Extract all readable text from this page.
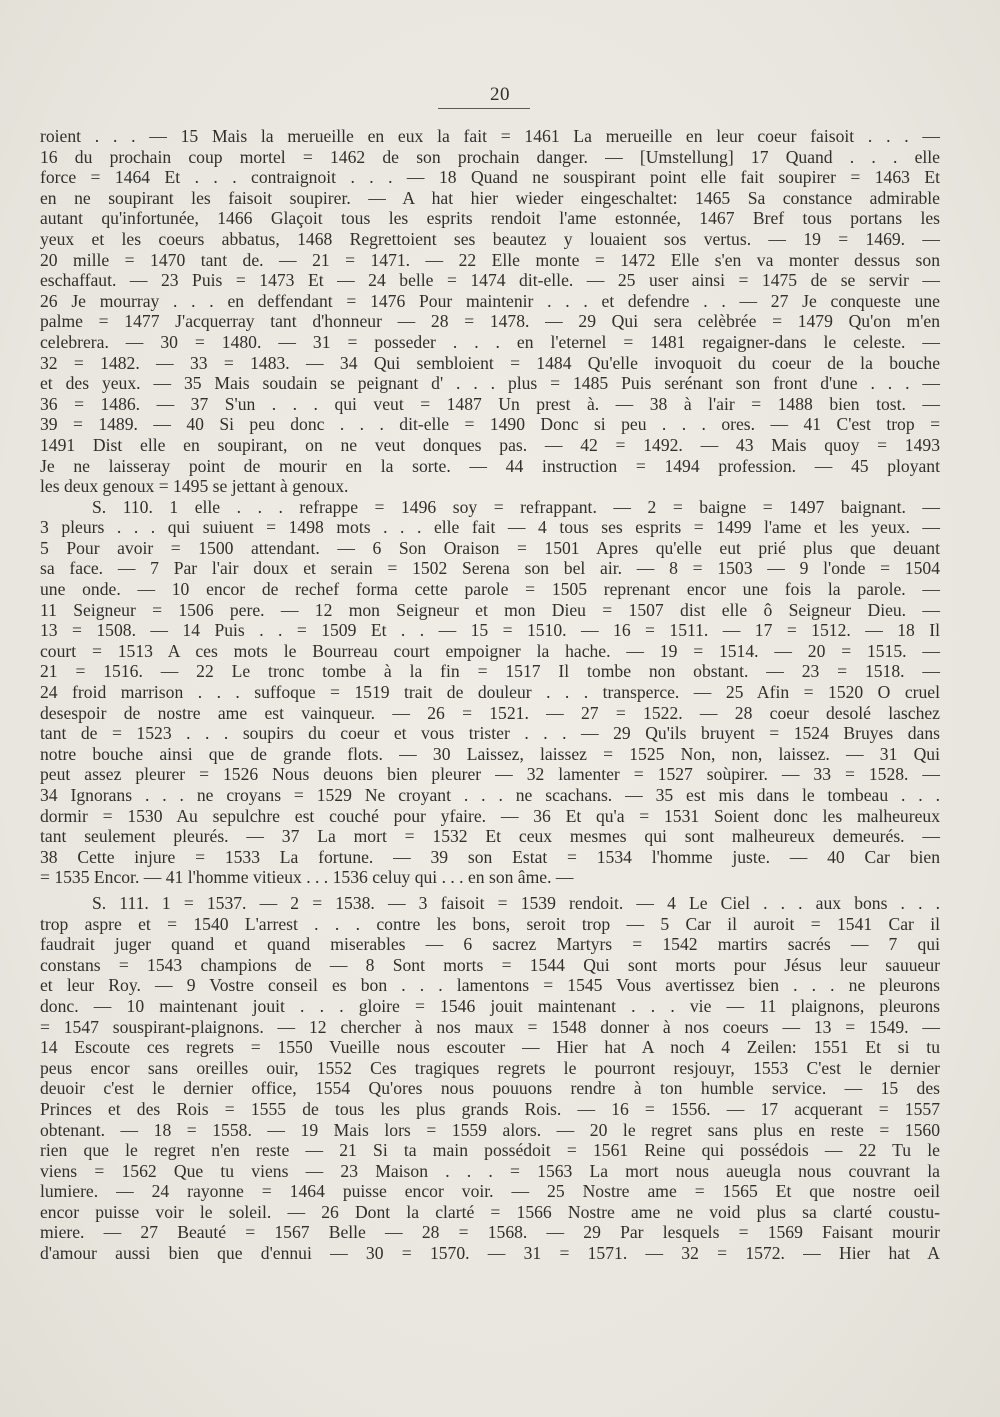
20
roient . . . — 15 Mais la merueille en eux la fait = 1461 La merueille en leur coeur faisoit . . . —
16 du prochain coup mortel = 1462 de son prochain danger. — [Umstellung] 17 Quand . . . elle
force = 1464 Et . . . contraignoit . . . — 18 Quand ne souspirant point elle fait soupirer = 1463 Et
en ne soupirant les faisoit soupirer. — A hat hier wieder eingeschaltet: 1465 Sa constance admirable
autant qu'infortunée, 1466 Glaçoit tous les esprits rendoit l'ame estonnée, 1467 Bref tous portans les
yeux et les coeurs abbatus, 1468 Regrettoient ses beautez y louaient sos vertus. — 19 = 1469. —
20 mille = 1470 tant de. — 21 = 1471. — 22 Elle monte = 1472 Elle s'en va monter dessus son
eschaffaut. — 23 Puis = 1473 Et — 24 belle = 1474 dit-elle. — 25 user ainsi = 1475 de se servir —
26 Je mourray . . . en deffendant = 1476 Pour maintenir . . . et defendre . . — 27 Je conqueste une
palme = 1477 J'acquerray tant d'honneur — 28 = 1478. — 29 Qui sera celèbrée = 1479 Qu'on m'en
celebrera. — 30 = 1480. — 31 = posseder . . . en l'eternel = 1481 regaigner-dans le celeste. —
32 = 1482. — 33 = 1483. — 34 Qui sembloient = 1484 Qu'elle invoquoit du coeur de la bouche
et des yeux. — 35 Mais soudain se peignant d' . . . plus = 1485 Puis serénant son front d'une . . . —
36 = 1486. — 37 S'un . . . qui veut = 1487 Un prest à. — 38 à l'air = 1488 bien tost. —
39 = 1489. — 40 Si peu donc . . . dit-elle = 1490 Donc si peu . . . ores. — 41 C'est trop =
1491 Dist elle en soupirant, on ne veut donques pas. — 42 = 1492. — 43 Mais quoy = 1493
Je ne laisseray point de mourir en la sorte. — 44 instruction = 1494 profession. — 45 ployant
les deux genoux = 1495 se jettant à genoux.
S. 110. 1 elle . . . refrappe = 1496 soy = refrappant. — 2 = baigne = 1497 baignant. —
3 pleurs . . . qui suiuent = 1498 mots . . . elle fait — 4 tous ses esprits = 1499 l'ame et les yeux. —
5 Pour avoir = 1500 attendant. — 6 Son Oraison = 1501 Apres qu'elle eut prié plus que deuant
sa face. — 7 Par l'air doux et serain = 1502 Serena son bel air. — 8 = 1503 — 9 l'onde = 1504
une onde. — 10 encor de rechef forma cette parole = 1505 reprenant encor une fois la parole. —
11 Seigneur = 1506 pere. — 12 mon Seigneur et mon Dieu = 1507 dist elle ô Seigneur Dieu. —
13 = 1508. — 14 Puis . . = 1509 Et . . — 15 = 1510. — 16 = 1511. — 17 = 1512. — 18 Il
court = 1513 A ces mots le Bourreau court empoigner la hache. — 19 = 1514. — 20 = 1515. —
21 = 1516. — 22 Le tronc tombe à la fin = 1517 Il tombe non obstant. — 23 = 1518. —
24 froid marrison . . . suffoque = 1519 trait de douleur . . . transperce. — 25 Afin = 1520 O cruel
desespoir de nostre ame est vainqueur. — 26 = 1521. — 27 = 1522. — 28 coeur desolé laschez
tant de = 1523 . . . soupirs du coeur et vous trister . . . — 29 Qu'ils bruyent = 1524 Bruyes dans
notre bouche ainsi que de grande flots. — 30 Laissez, laissez = 1525 Non, non, laissez. — 31 Qui
peut assez pleurer = 1526 Nous deuons bien pleurer — 32 lamenter = 1527 soùpirer. — 33 = 1528. —
34 Ignorans . . . ne croyans = 1529 Ne croyant . . . ne scachans. — 35 est mis dans le tombeau . . .
dormir = 1530 Au sepulchre est couché pour yfaire. — 36 Et qu'a = 1531 Soient donc les malheureux
tant seulement pleurés. — 37 La mort = 1532 Et ceux mesmes qui sont malheureux demeurés. —
38 Cette injure = 1533 La fortune. — 39 son Estat = 1534 l'homme juste. — 40 Car bien
= 1535 Encor. — 41 l'homme vitieux . . . 1536 celuy qui . . . en son âme. —
S. 111. 1 = 1537. — 2 = 1538. — 3 faisoit = 1539 rendoit. — 4 Le Ciel . . . aux bons . . .
trop aspre et = 1540 L'arrest . . . contre les bons, seroit trop — 5 Car il auroit = 1541 Car il
faudrait juger quand et quand miserables — 6 sacrez Martyrs = 1542 martirs sacrés — 7 qui
constans = 1543 champions de — 8 Sont morts = 1544 Qui sont morts pour Jésus leur sauueur
et leur Roy. — 9 Vostre conseil es bon . . . lamentons = 1545 Vous avertissez bien . . . ne pleurons
donc. — 10 maintenant jouit . . . gloire = 1546 jouit maintenant . . . vie — 11 plaignons, pleurons
= 1547 souspirant-plaignons. — 12 chercher à nos maux = 1548 donner à nos coeurs — 13 = 1549. —
14 Escoute ces regrets = 1550 Vueille nous escouter — Hier hat A noch 4 Zeilen: 1551 Et si tu
peus encor sans oreilles ouir, 1552 Ces tragiques regrets le pourront resjouyr, 1553 C'est le dernier
deuoir c'est le dernier office, 1554 Qu'ores nous pouuons rendre à ton humble service. — 15 des
Princes et des Rois = 1555 de tous les plus grands Rois. — 16 = 1556. — 17 acquerant = 1557
obtenant. — 18 = 1558. — 19 Mais lors = 1559 alors. — 20 le regret sans plus en reste = 1560
rien que le regret n'en reste — 21 Si ta main possédoit = 1561 Reine qui possédois — 22 Tu le
viens = 1562 Que tu viens — 23 Maison . . . = 1563 La mort nous aueugla nous couvrant la
lumiere. — 24 rayonne = 1464 puisse encor voir. — 25 Nostre ame = 1565 Et que nostre oeil
encor puisse voir le soleil. — 26 Dont la clarté = 1566 Nostre ame ne void plus sa clarté coustu-
miere. — 27 Beauté = 1567 Belle — 28 = 1568. — 29 Par lesquels = 1569 Faisant mourir
d'amour aussi bien que d'ennui — 30 = 1570. — 31 = 1571. — 32 = 1572. — Hier hat A
